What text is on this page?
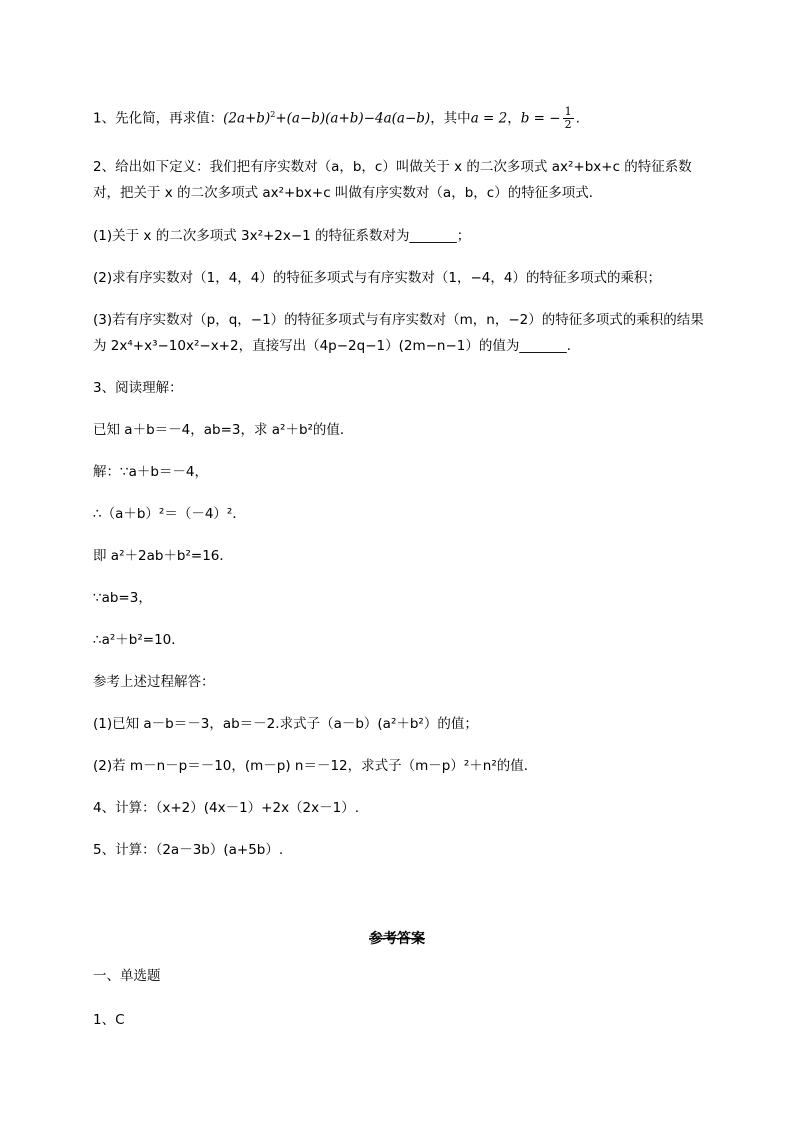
1、先化简，再求值：$(2a+b)^2+(a-b)(a+b)-4a(a-b)$，其中a = 2，b = − $\frac{1}{2}$ .
2、给出如下定义：我们把有序实数对（a，b，c）叫做关于 x 的二次多项式 ax²+bx+c 的特征系数
对，把关于 x 的二次多项式 ax²+bx+c 叫做有序实数对（a，b，c）的特征多项式．
(1)关于 x 的二次多项式 3x²+2x−1 的特征系数对为_______；
(2)求有序实数对（1，4，4）的特征多项式与有序实数对（1，−4，4）的特征多项式的乘积；
(3)若有序实数对（p，q，−1）的特征多项式与有序实数对（m，n，−2）的特征多项式的乘积的结果
为 2x⁴+x³−10x²−x+2，直接写出（4p−2q−1）(2m−n−1）的值为_______.
3、阅读理解：
已知 a＋b＝－4，ab=3，求 a²＋b²的值．
解：∵a＋b＝－4，
∴（a＋b）²＝（－4）²．
即 a²＋2ab＋b²=16．
∵ab=3，
∴a²＋b²=10．
参考上述过程解答：
(1)已知 a－b＝－3，ab＝－2.求式子（a－b）(a²＋b²）的值；
(2)若 m－n－p＝－10，(m－p) n＝－12，求式子（m－p）²＋n²的值．
4、计算：（x+2）(4x－1）+2x（2x－1）.
5、计算：（2a－3b）(a+5b）.
参考答案
一、单选题
1、C
